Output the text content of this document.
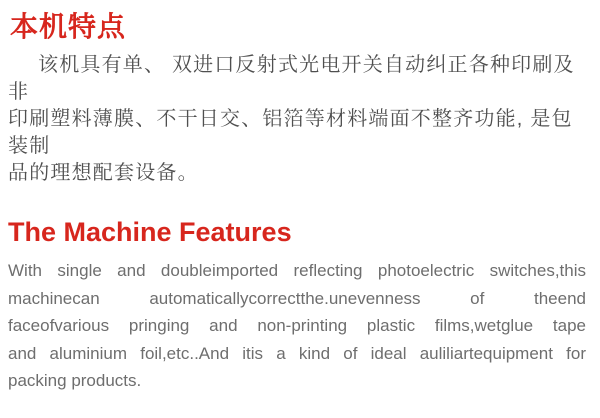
本机特点
该机具有单、 双进口反射式光电开关自动纠正各种印刷及非
印刷塑料薄膜、不干日交、铝箔等材料端面不整齐功能, 是包装制
品的理想配套设备。
The Machine Features
With single and doubleimported reflecting photoelectric switches,this
machinecan automaticallycorrectthe.unevenness of theend
faceofvarious pringing and non-printing plastic films,wetglue tape
and aluminium foil,etc..And itis a kind of ideal auliliartequipment for
packing products.
